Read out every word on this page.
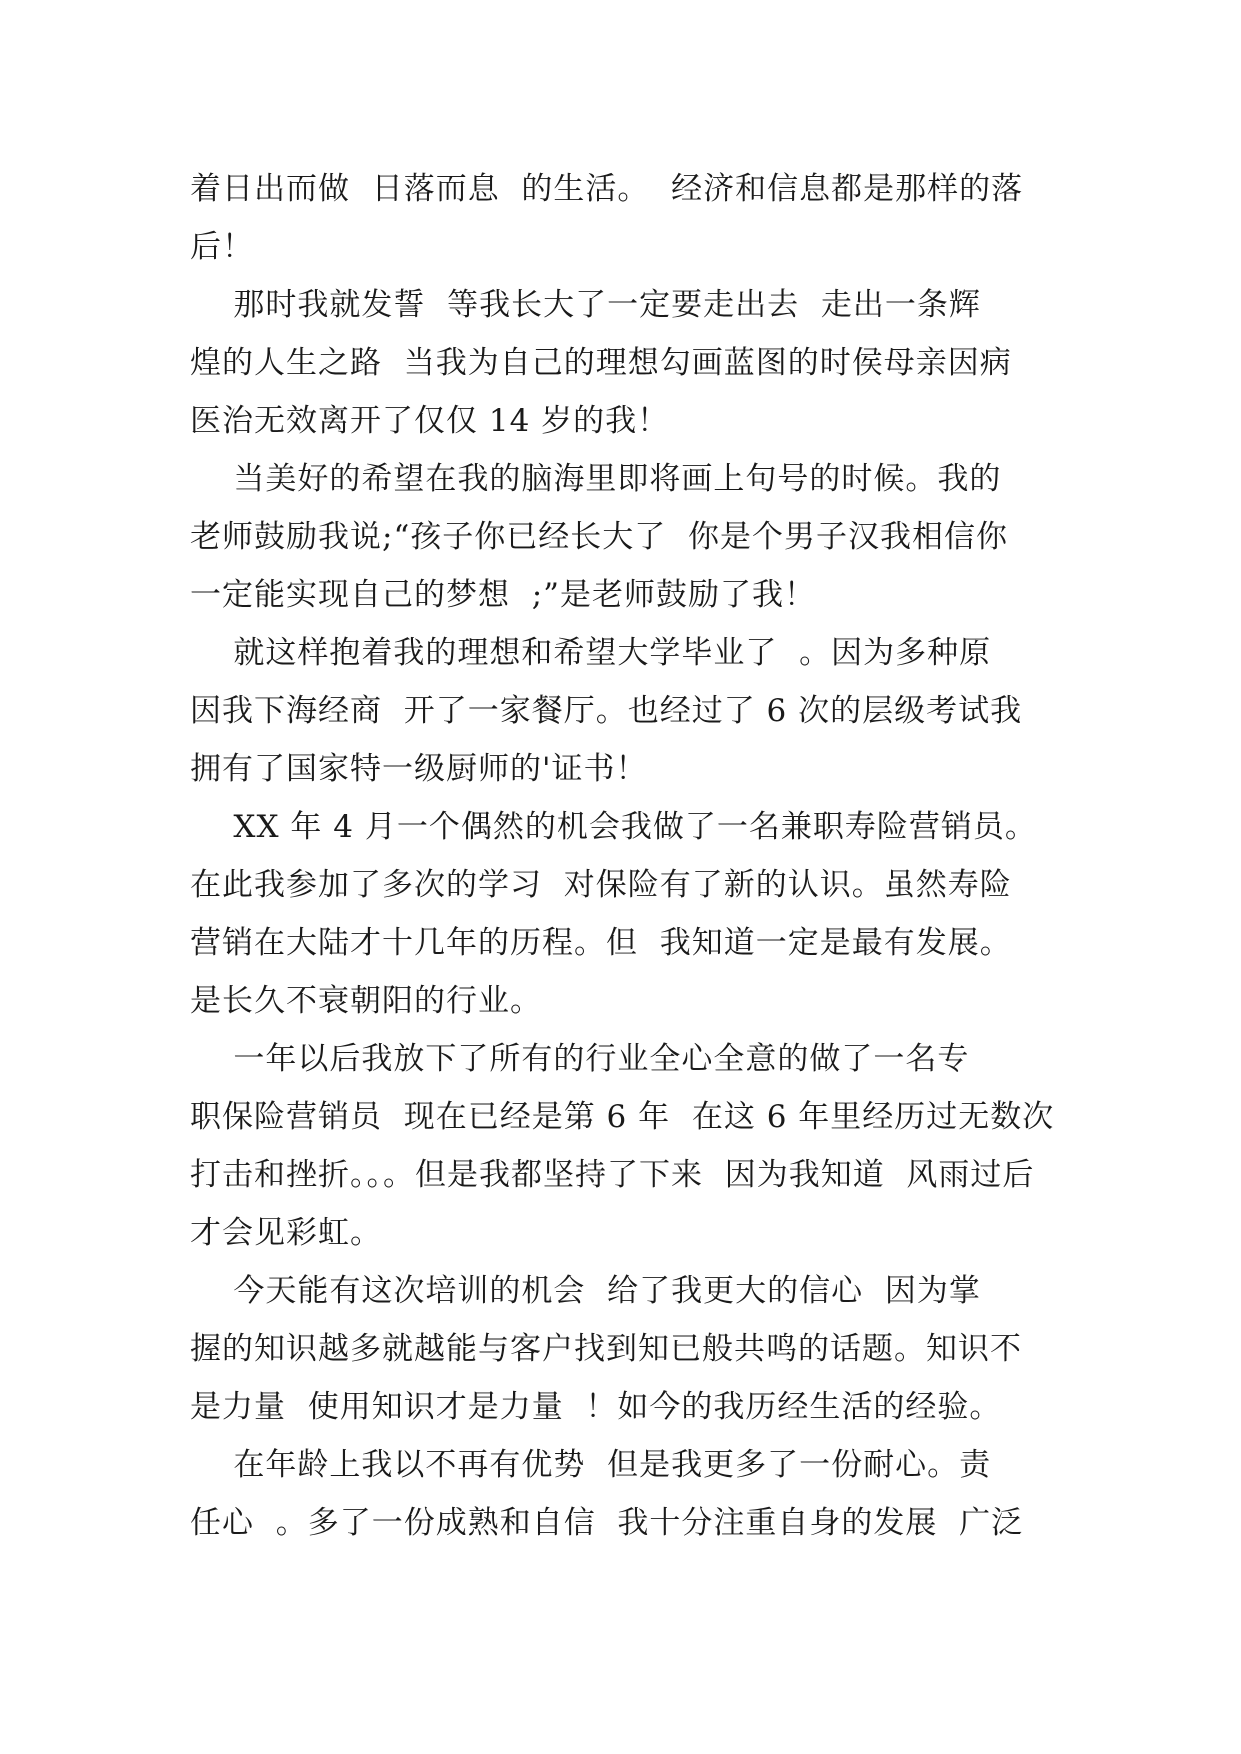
着日出而做  日落而息  的生活。  经济和信息都是那样的落
后！
那时我就发誓  等我长大了一定要走出去  走出一条辉
煌的人生之路  当我为自己的理想勾画蓝图的时侯母亲因病
医治无效离开了仅仅 14 岁的我！
当美好的希望在我的脑海里即将画上句号的时候。我的
老师鼓励我说;“孩子你已经长大了  你是个男子汉我相信你
一定能实现自己的梦想  ;”是老师鼓励了我！
就这样抱着我的理想和希望大学毕业了  。因为多种原
因我下海经商  开了一家餐厅。也经过了 6 次的层级考试我
拥有了国家特一级厨师的'证书！
XX 年 4 月一个偶然的机会我做了一名兼职寿险营销员。
在此我参加了多次的学习  对保险有了新的认识。虽然寿险
营销在大陆才十几年的历程。但  我知道一定是最有发展。
是长久不衰朝阳的行业。
一年以后我放下了所有的行业全心全意的做了一名专
职保险营销员  现在已经是第 6 年  在这 6 年里经历过无数次
打击和挫折。。。但是我都坚持了下来  因为我知道  风雨过后
才会见彩虹。
今天能有这次培训的机会  给了我更大的信心  因为掌
握的知识越多就越能与客户找到知已般共鸣的话题。知识不
是力量  使用知识才是力量  ！如今的我历经生活的经验。
在年龄上我以不再有优势  但是我更多了一份耐心。责
任心  。多了一份成熟和自信  我十分注重自身的发展  广泛
